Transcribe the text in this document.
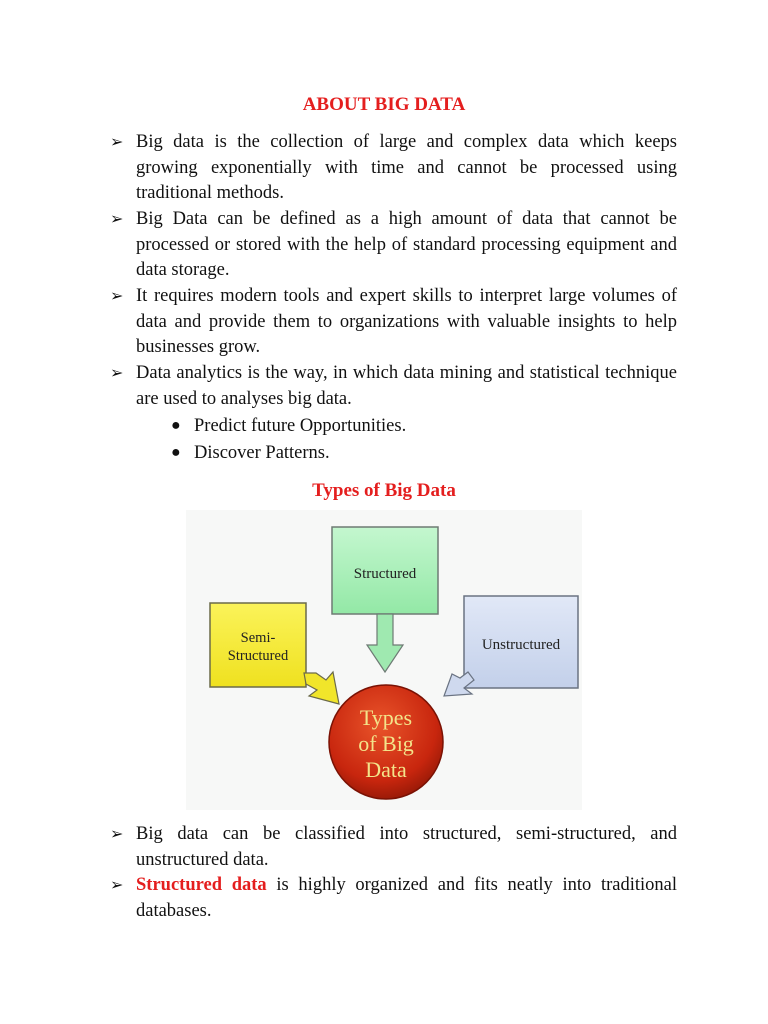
ABOUT BIG DATA
➢ Big data is the collection of large and complex data which keeps growing exponentially with time and cannot be processed using traditional methods.
➢ Big Data can be defined as a high amount of data that cannot be processed or stored with the help of standard processing equipment and data storage.
➢ It requires modern tools and expert skills to interpret large volumes of data and provide them to organizations with valuable insights to help businesses grow.
➢ Data analytics is the way, in which data mining and statistical technique are used to analyses big data.
● Predict future Opportunities.
● Discover Patterns.
Types of Big Data
Structured
Semi-
Structured
Unstructured
Types
of Big
Data
➢ Big data can be classified into structured, semi-structured, and unstructured data.
➢ Structured data is highly organized and fits neatly into traditional databases.
